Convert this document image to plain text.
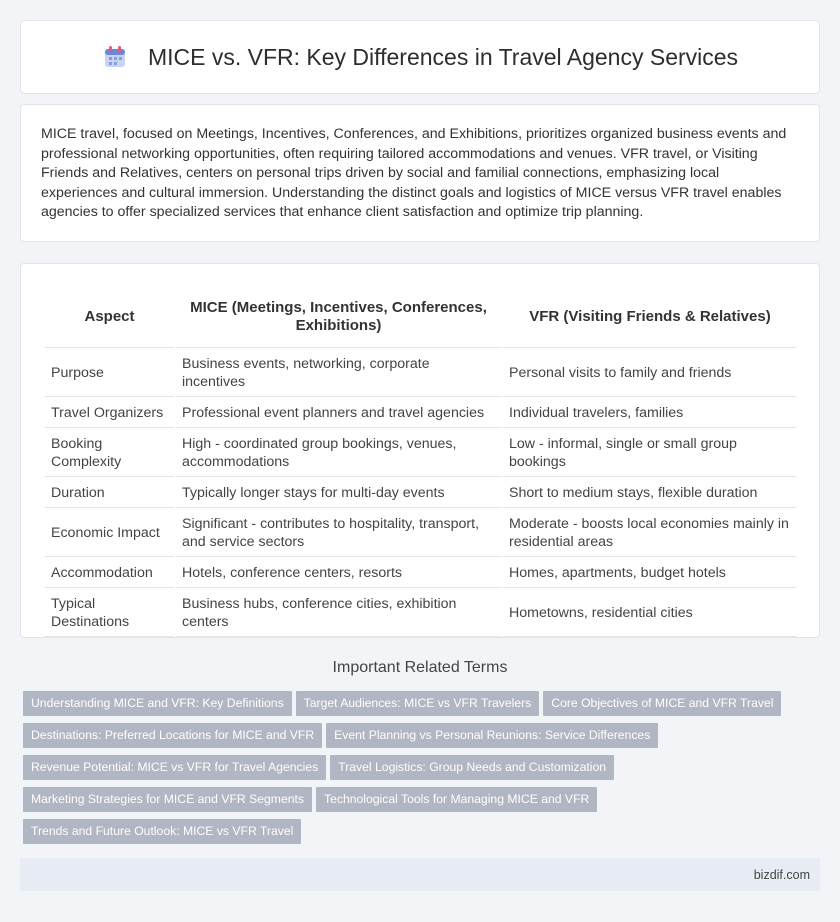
MICE vs. VFR: Key Differences in Travel Agency Services

MICE travel, focused on Meetings, Incentives, Conferences, and Exhibitions, prioritizes organized business events and professional networking opportunities, often requiring tailored accommodations and venues. VFR travel, or Visiting Friends and Relatives, centers on personal trips driven by social and familial connections, emphasizing local experiences and cultural immersion. Understanding the distinct goals and logistics of MICE versus VFR travel enables agencies to offer specialized services that enhance client satisfaction and optimize trip planning.

Aspect	MICE (Meetings, Incentives, Conferences, Exhibitions)	VFR (Visiting Friends & Relatives)
Purpose	Business events, networking, corporate incentives	Personal visits to family and friends
Travel Organizers	Professional event planners and travel agencies	Individual travelers, families
Booking Complexity	High - coordinated group bookings, venues, accommodations	Low - informal, single or small group bookings
Duration	Typically longer stays for multi-day events	Short to medium stays, flexible duration
Economic Impact	Significant - contributes to hospitality, transport, and service sectors	Moderate - boosts local economies mainly in residential areas
Accommodation	Hotels, conference centers, resorts	Homes, apartments, budget hotels
Typical Destinations	Business hubs, conference cities, exhibition centers	Hometowns, residential cities
Important Related Terms
Understanding MICE and VFR: Key Definitions Target Audiences: MICE vs VFR Travelers Core Objectives of MICE and VFR Travel
Destinations: Preferred Locations for MICE and VFR Event Planning vs Personal Reunions: Service Differences
Revenue Potential: MICE vs VFR for Travel Agencies Travel Logistics: Group Needs and Customization
Marketing Strategies for MICE and VFR Segments Technological Tools for Managing MICE and VFR
Trends and Future Outlook: MICE vs VFR Travel
bizdif.com
